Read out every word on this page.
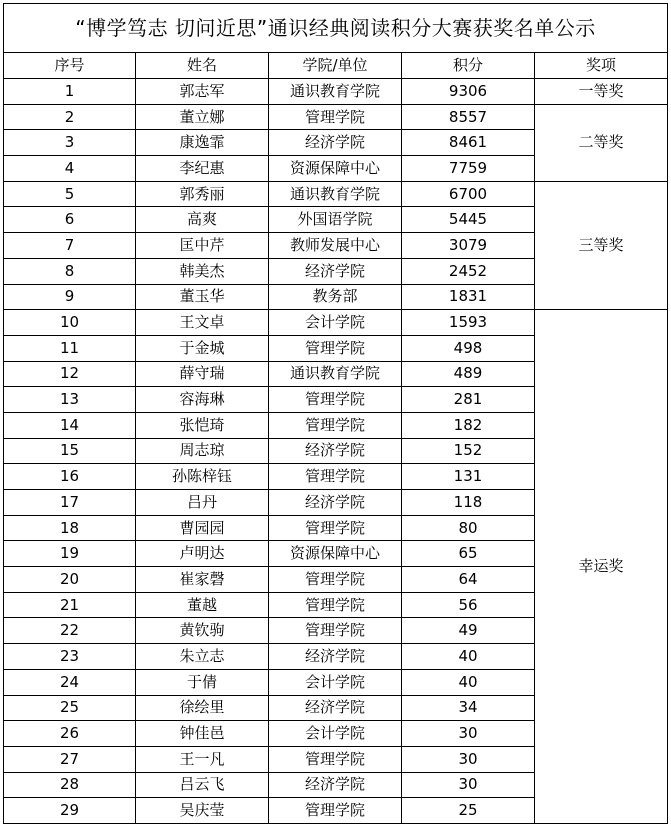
“博学笃志 切问近思”通识经典阅读积分大赛获奖名单公示				
序号	姓名	学院/单位	积分	奖项
1	郭志军	通识教育学院	9306	一等奖
2	董立娜	管理学院	8557	二等奖
3	康逸霏	经济学院	8461	
4	李纪惠	资源保障中心	7759	
5	郭秀丽	通识教育学院	6700	三等奖
6	高爽	外国语学院	5445	
7	匡中芹	教师发展中心	3079	
8	韩美杰	经济学院	2452	
9	董玉华	教务部	1831	
10	王文卓	会计学院	1593	幸运奖
11	于金城	管理学院	498	
12	薛守瑞	通识教育学院	489	
13	容海琳	管理学院	281	
14	张恺琦	管理学院	182	
15	周志琼	经济学院	152	
16	孙陈梓钰	管理学院	131	
17	吕丹	经济学院	118	
18	曹园园	管理学院	80	
19	卢明达	资源保障中心	65	
20	崔家磬	管理学院	64	
21	董越	管理学院	56	
22	黄钦驹	管理学院	49	
23	朱立志	经济学院	40	
24	于倩	会计学院	40	
25	徐绘里	经济学院	34	
26	钟佳邑	会计学院	30	
27	王一凡	管理学院	30	
28	吕云飞	经济学院	30	
29	吴庆莹	管理学院	25	
